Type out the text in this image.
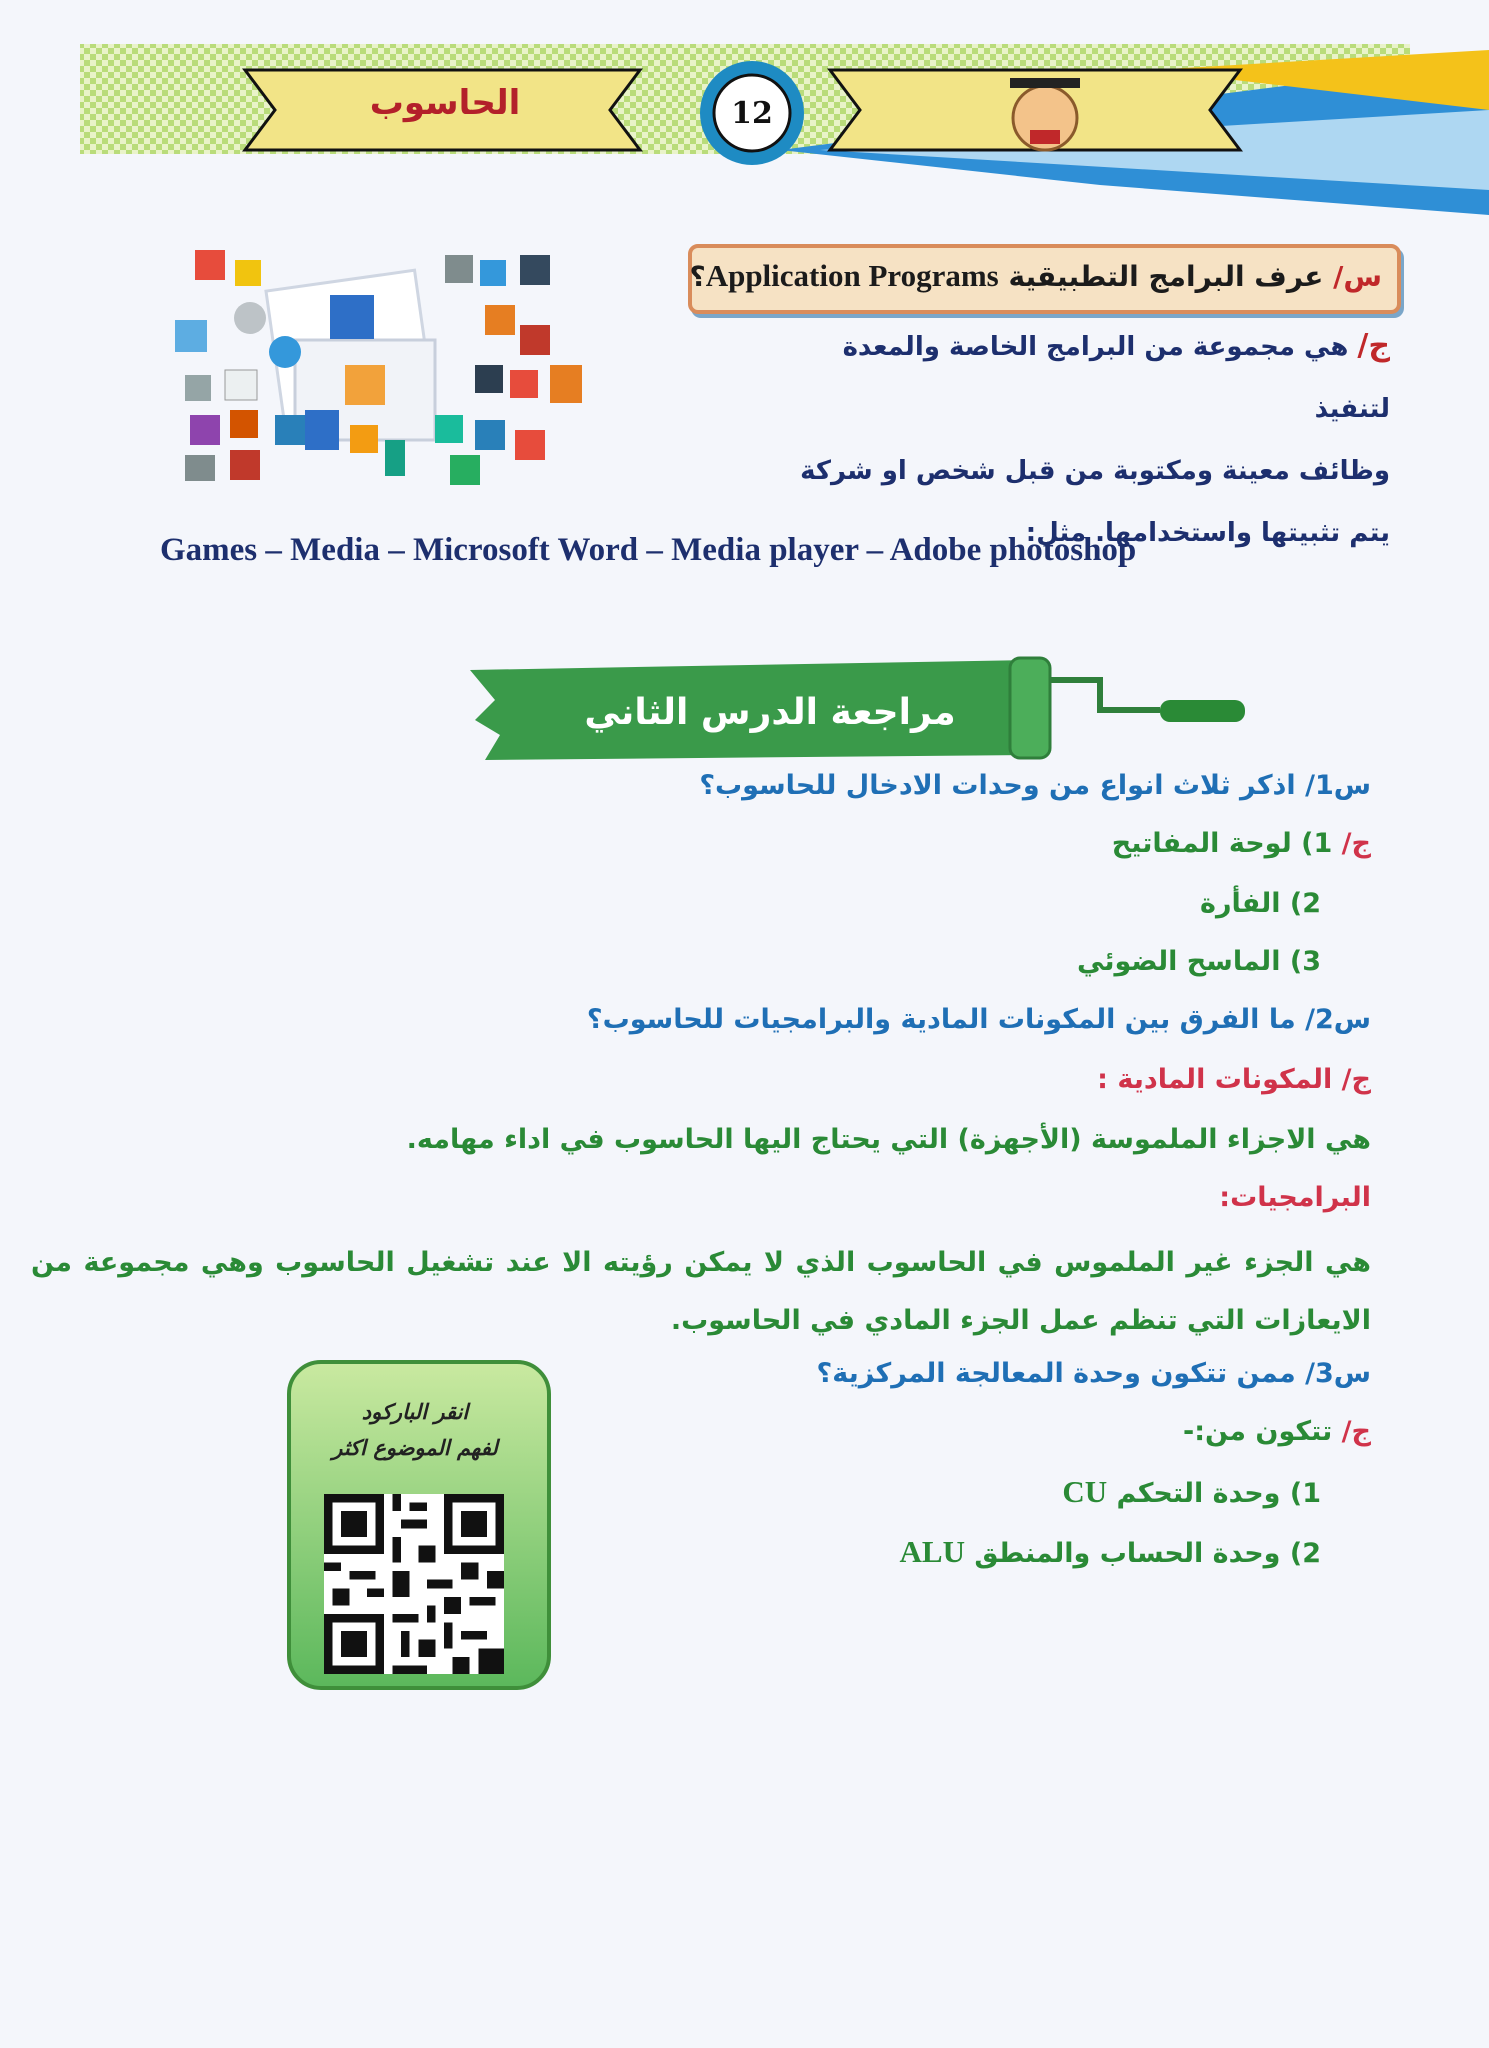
الحاسوب	12
س/ عرف البرامج التطبيقية Application Programs؟
ج/ هي مجموعة من البرامج الخاصة والمعدة لتنفيذ
وظائف معينة ومكتوبة من قبل شخص او شركة
يتم تثبيتها واستخدامها. مثل:
Games – Media – Microsoft Word – Media player – Adobe photoshop
مراجعة الدرس الثاني
س1/ اذكر ثلاث انواع من وحدات الادخال للحاسوب؟
ج/ 1) لوحة المفاتيح
2) الفأرة
3) الماسح الضوئي
س2/ ما الفرق بين المكونات المادية والبرامجيات للحاسوب؟
ج/ المكونات المادية :
هي الاجزاء الملموسة (الأجهزة) التي يحتاج اليها الحاسوب في اداء مهامه.
البرامجيات:
هي الجزء غير الملموس في الحاسوب الذي لا يمكن رؤيته الا عند تشغيل الحاسوب وهي مجموعة من الايعازات التي تنظم عمل الجزء المادي في الحاسوب.
س3/ ممن تتكون وحدة المعالجة المركزية؟
ج/ تتكون من:-
1) وحدة التحكم CU
2) وحدة الحساب والمنطق ALU
انقر الباركود
لفهم الموضوع اكثر
